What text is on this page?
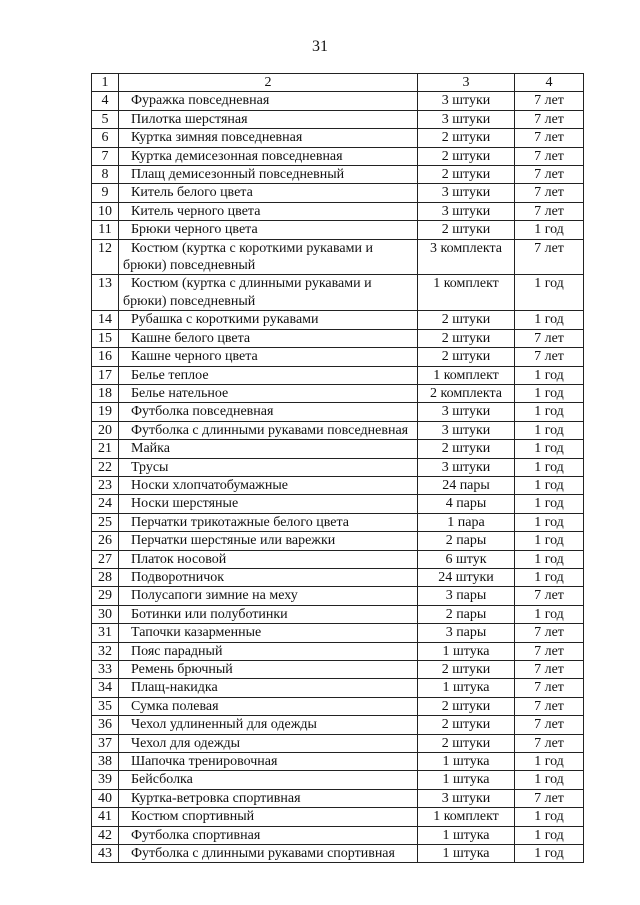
31
1	2	3	4
4	Фуражка повседневная	3 штуки	7 лет
5	Пилотка шерстяная	3 штуки	7 лет
6	Куртка зимняя повседневная	2 штуки	7 лет
7	Куртка демисезонная повседневная	2 штуки	7 лет
8	Плащ демисезонный повседневный	2 штуки	7 лет
9	Китель белого цвета	3 штуки	7 лет
10	Китель черного цвета	3 штуки	7 лет
11	Брюки черного цвета	2 штуки	1 год
12	Костюм (куртка с короткими рукавами и брюки) повседневный	3 комплекта	7 лет
13	Костюм (куртка с длинными рукавами и брюки) повседневный	1 комплект	1 год
14	Рубашка с короткими рукавами	2 штуки	1 год
15	Кашне белого цвета	2 штуки	7 лет
16	Кашне черного цвета	2 штуки	7 лет
17	Белье теплое	1 комплект	1 год
18	Белье нательное	2 комплекта	1 год
19	Футболка повседневная	3 штуки	1 год
20	Футболка с длинными рукавами повседневная	3 штуки	1 год
21	Майка	2 штуки	1 год
22	Трусы	3 штуки	1 год
23	Носки хлопчатобумажные	24 пары	1 год
24	Носки шерстяные	4 пары	1 год
25	Перчатки трикотажные белого цвета	1 пара	1 год
26	Перчатки шерстяные или варежки	2 пары	1 год
27	Платок носовой	6 штук	1 год
28	Подворотничок	24 штуки	1 год
29	Полусапоги зимние на меху	3 пары	7 лет
30	Ботинки или полуботинки	2 пары	1 год
31	Тапочки казарменные	3 пары	7 лет
32	Пояс парадный	1 штука	7 лет
33	Ремень брючный	2 штуки	7 лет
34	Плащ-накидка	1 штука	7 лет
35	Сумка полевая	2 штуки	7 лет
36	Чехол удлиненный для одежды	2 штуки	7 лет
37	Чехол для одежды	2 штуки	7 лет
38	Шапочка тренировочная	1 штука	1 год
39	Бейсболка	1 штука	1 год
40	Куртка-ветровка спортивная	3 штуки	7 лет
41	Костюм спортивный	1 комплект	1 год
42	Футболка спортивная	1 штука	1 год
43	Футболка с длинными рукавами спортивная	1 штука	1 год
